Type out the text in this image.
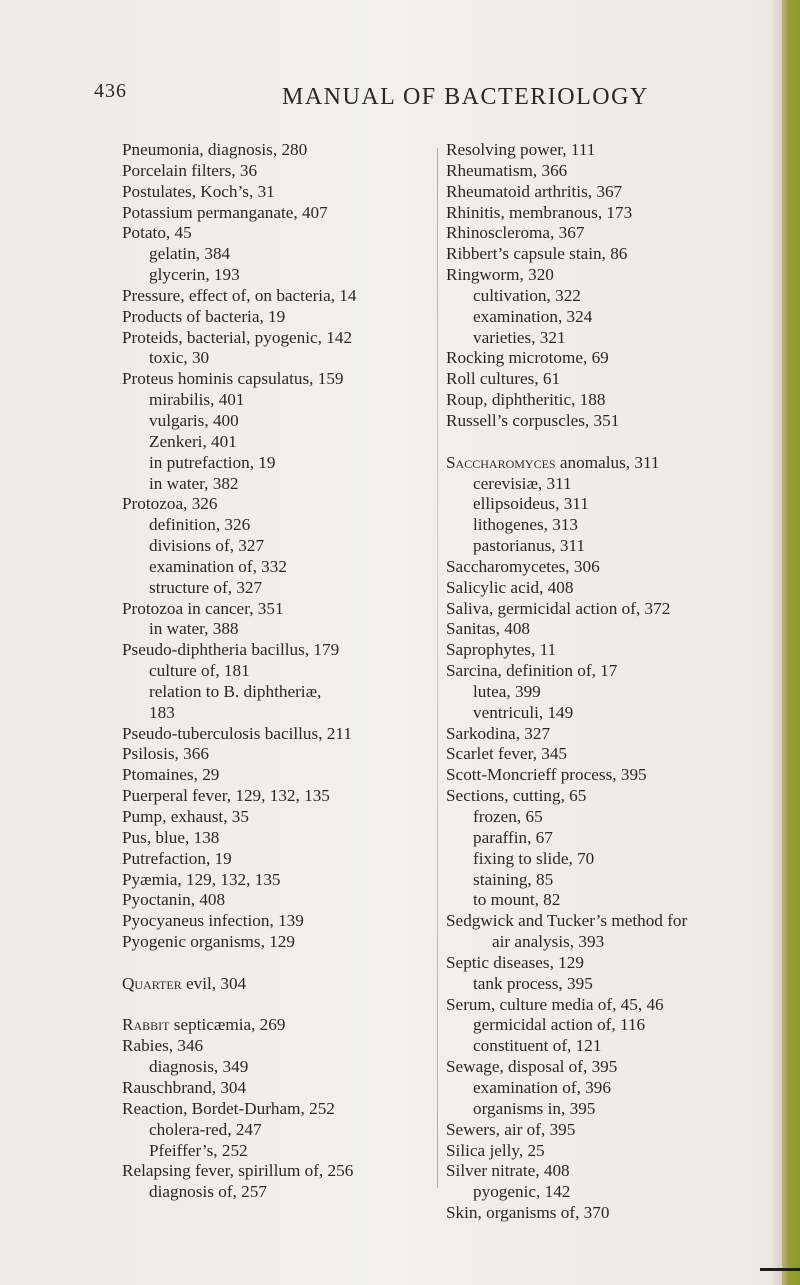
436	MANUAL OF BACTERIOLOGY
Pneumonia, diagnosis, 280
Porcelain filters, 36
Postulates, Koch’s, 31
Potassium permanganate, 407
Potato, 45
gelatin, 384
glycerin, 193
Pressure, effect of, on bacteria, 14
Products of bacteria, 19
Proteids, bacterial, pyogenic, 142
toxic, 30
Proteus hominis capsulatus, 159
mirabilis, 401
vulgaris, 400
Zenkeri, 401
in putrefaction, 19
in water, 382
Protozoa, 326
definition, 326
divisions of, 327
examination of, 332
structure of, 327
Protozoa in cancer, 351
in water, 388
Pseudo-diphtheria bacillus, 179
culture of, 181
relation to B. diphtheriæ,
183
Pseudo-tuberculosis bacillus, 211
Psilosis, 366
Ptomaines, 29
Puerperal fever, 129, 132, 135
Pump, exhaust, 35
Pus, blue, 138
Putrefaction, 19
Pyæmia, 129, 132, 135
Pyoctanin, 408
Pyocyaneus infection, 139
Pyogenic organisms, 129
Quarter evil, 304
Rabbit septicæmia, 269
Rabies, 346
diagnosis, 349
Rauschbrand, 304
Reaction, Bordet-Durham, 252
cholera-red, 247
Pfeiffer’s, 252
Relapsing fever, spirillum of, 256
diagnosis of, 257
Resolving power, 111
Rheumatism, 366
Rheumatoid arthritis, 367
Rhinitis, membranous, 173
Rhinoscleroma, 367
Ribbert’s capsule stain, 86
Ringworm, 320
cultivation, 322
examination, 324
varieties, 321
Rocking microtome, 69
Roll cultures, 61
Roup, diphtheritic, 188
Russell’s corpuscles, 351
Saccharomyces anomalus, 311
cerevisiæ, 311
ellipsoideus, 311
lithogenes, 313
pastorianus, 311
Saccharomycetes, 306
Salicylic acid, 408
Saliva, germicidal action of, 372
Sanitas, 408
Saprophytes, 11
Sarcina, definition of, 17
lutea, 399
ventriculi, 149
Sarkodina, 327
Scarlet fever, 345
Scott-Moncrieff process, 395
Sections, cutting, 65
frozen, 65
paraffin, 67
fixing to slide, 70
staining, 85
to mount, 82
Sedgwick and Tucker’s method for
air analysis, 393
Septic diseases, 129
tank process, 395
Serum, culture media of, 45, 46
germicidal action of, 116
constituent of, 121
Sewage, disposal of, 395
examination of, 396
organisms in, 395
Sewers, air of, 395
Silica jelly, 25
Silver nitrate, 408
pyogenic, 142
Skin, organisms of, 370
